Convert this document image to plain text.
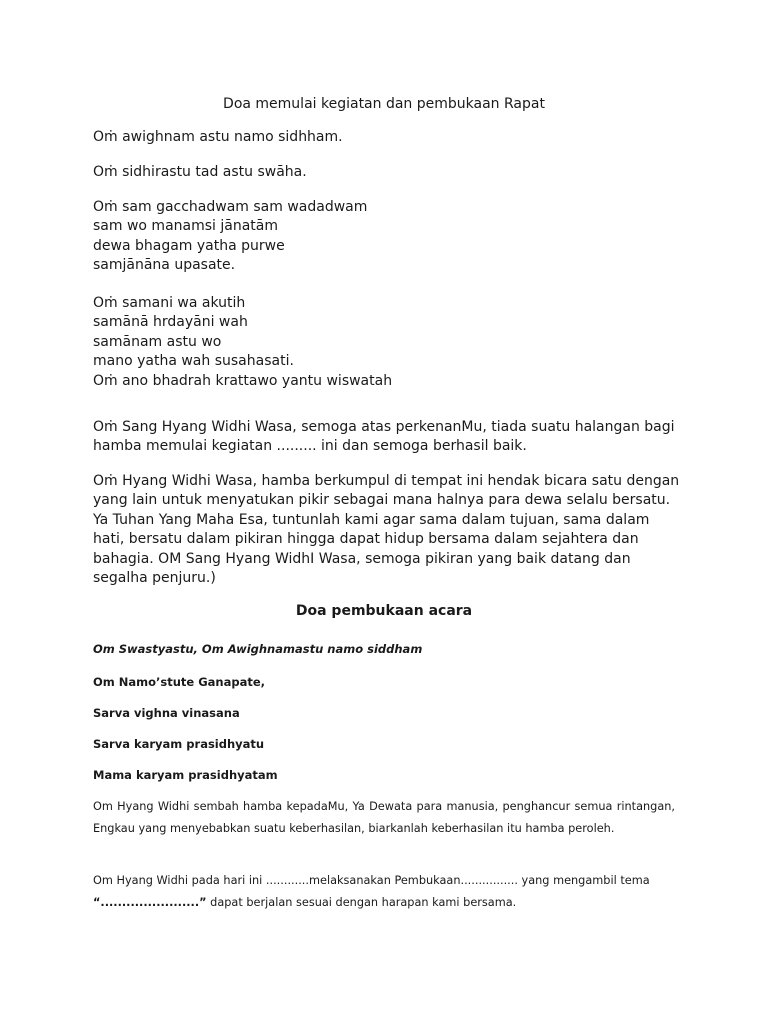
Doa memulai kegiatan dan pembukaan Rapat
Oṁ awighnam astu namo sidhham.
Oṁ sidhirastu tad astu swāha.
Oṁ sam gacchadwam sam wadadwam
sam wo manamsi jānatām
dewa bhagam yatha purwe
samjānāna upasate.
Oṁ samani wa akutih
samānā hrdayāni wah
samānam astu wo
mano yatha wah susahasati.
Oṁ ano bhadrah krattawo yantu wiswatah

Oṁ Sang Hyang Widhi Wasa, semoga atas perkenanMu, tiada suatu halangan bagi hamba memulai kegiatan ......... ini dan semoga berhasil baik.

Oṁ Hyang Widhi Wasa, hamba berkumpul di tempat ini hendak bicara satu dengan yang lain untuk menyatukan pikir sebagai mana halnya para dewa selalu bersatu. Ya Tuhan Yang Maha Esa, tuntunlah kami agar sama dalam tujuan, sama dalam hati, bersatu dalam pikiran hingga dapat hidup bersama dalam sejahtera dan bahagia. OM Sang Hyang WidhI Wasa, semoga pikiran yang baik datang dan segalha penjuru.)

Doa pembukaan acara
Om Swastyastu, Om Awighnamastu namo siddham
Om Namo’stute Ganapate,
Sarva vighna vinasana
Sarva karyam prasidhyatu
Mama karyam prasidhyatam

Om Hyang Widhi sembah hamba kepadaMu, Ya Dewata para manusia, penghancur semua rintangan, Engkau yang menyebabkan suatu keberhasilan, biarkanlah keberhasilan itu hamba peroleh.

Om Hyang Widhi pada hari ini ............melaksanakan Pembukaan................ yang mengambil tema
“.......................” dapat berjalan sesuai dengan harapan kami bersama.
